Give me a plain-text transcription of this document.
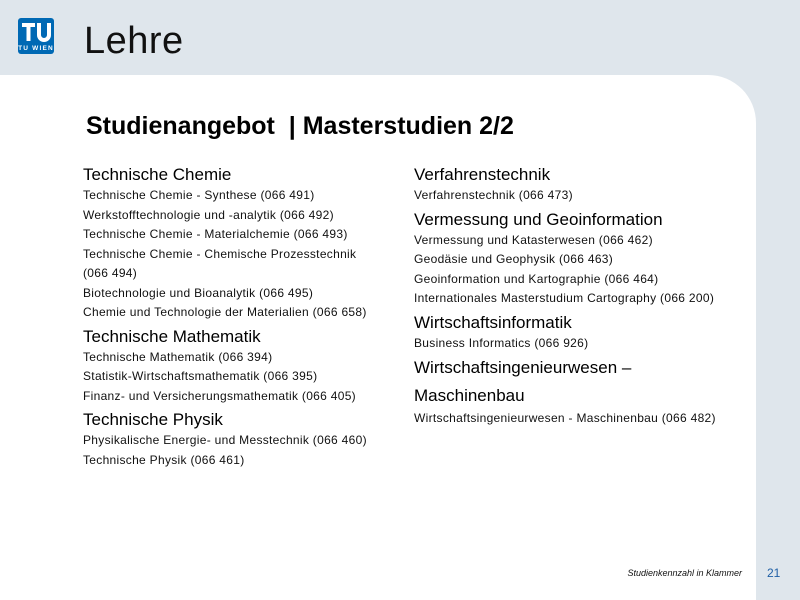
TU WIEN Lehre
Studienangebot  | Masterstudien 2/2
Technische Chemie
Technische Chemie - Synthese (066 491)
Werkstofftechnologie und -analytik (066 492)
Technische Chemie - Materialchemie (066 493)
Technische Chemie - Chemische Prozesstechnik
(066 494)
Biotechnologie und Bioanalytik (066 495)
Chemie und Technologie der Materialien (066 658)
Technische Mathematik
Technische Mathematik (066 394)
Statistik-Wirtschaftsmathematik (066 395)
Finanz- und Versicherungsmathematik (066 405)
Technische Physik
Physikalische Energie- und Messtechnik (066 460)
Technische Physik (066 461)
Verfahrenstechnik
Verfahrenstechnik (066 473)
Vermessung und Geoinformation
Vermessung und Katasterwesen (066 462)
Geodäsie und Geophysik (066 463)
Geoinformation und Kartographie (066 464)
Internationales Masterstudium Cartography (066 200)
Wirtschaftsinformatik
Business Informatics (066 926)
Wirtschaftsingenieurwesen –
Maschinenbau
Wirtschaftsingenieurwesen - Maschinenbau (066 482)
Studienkennzahl in Klammer 21
